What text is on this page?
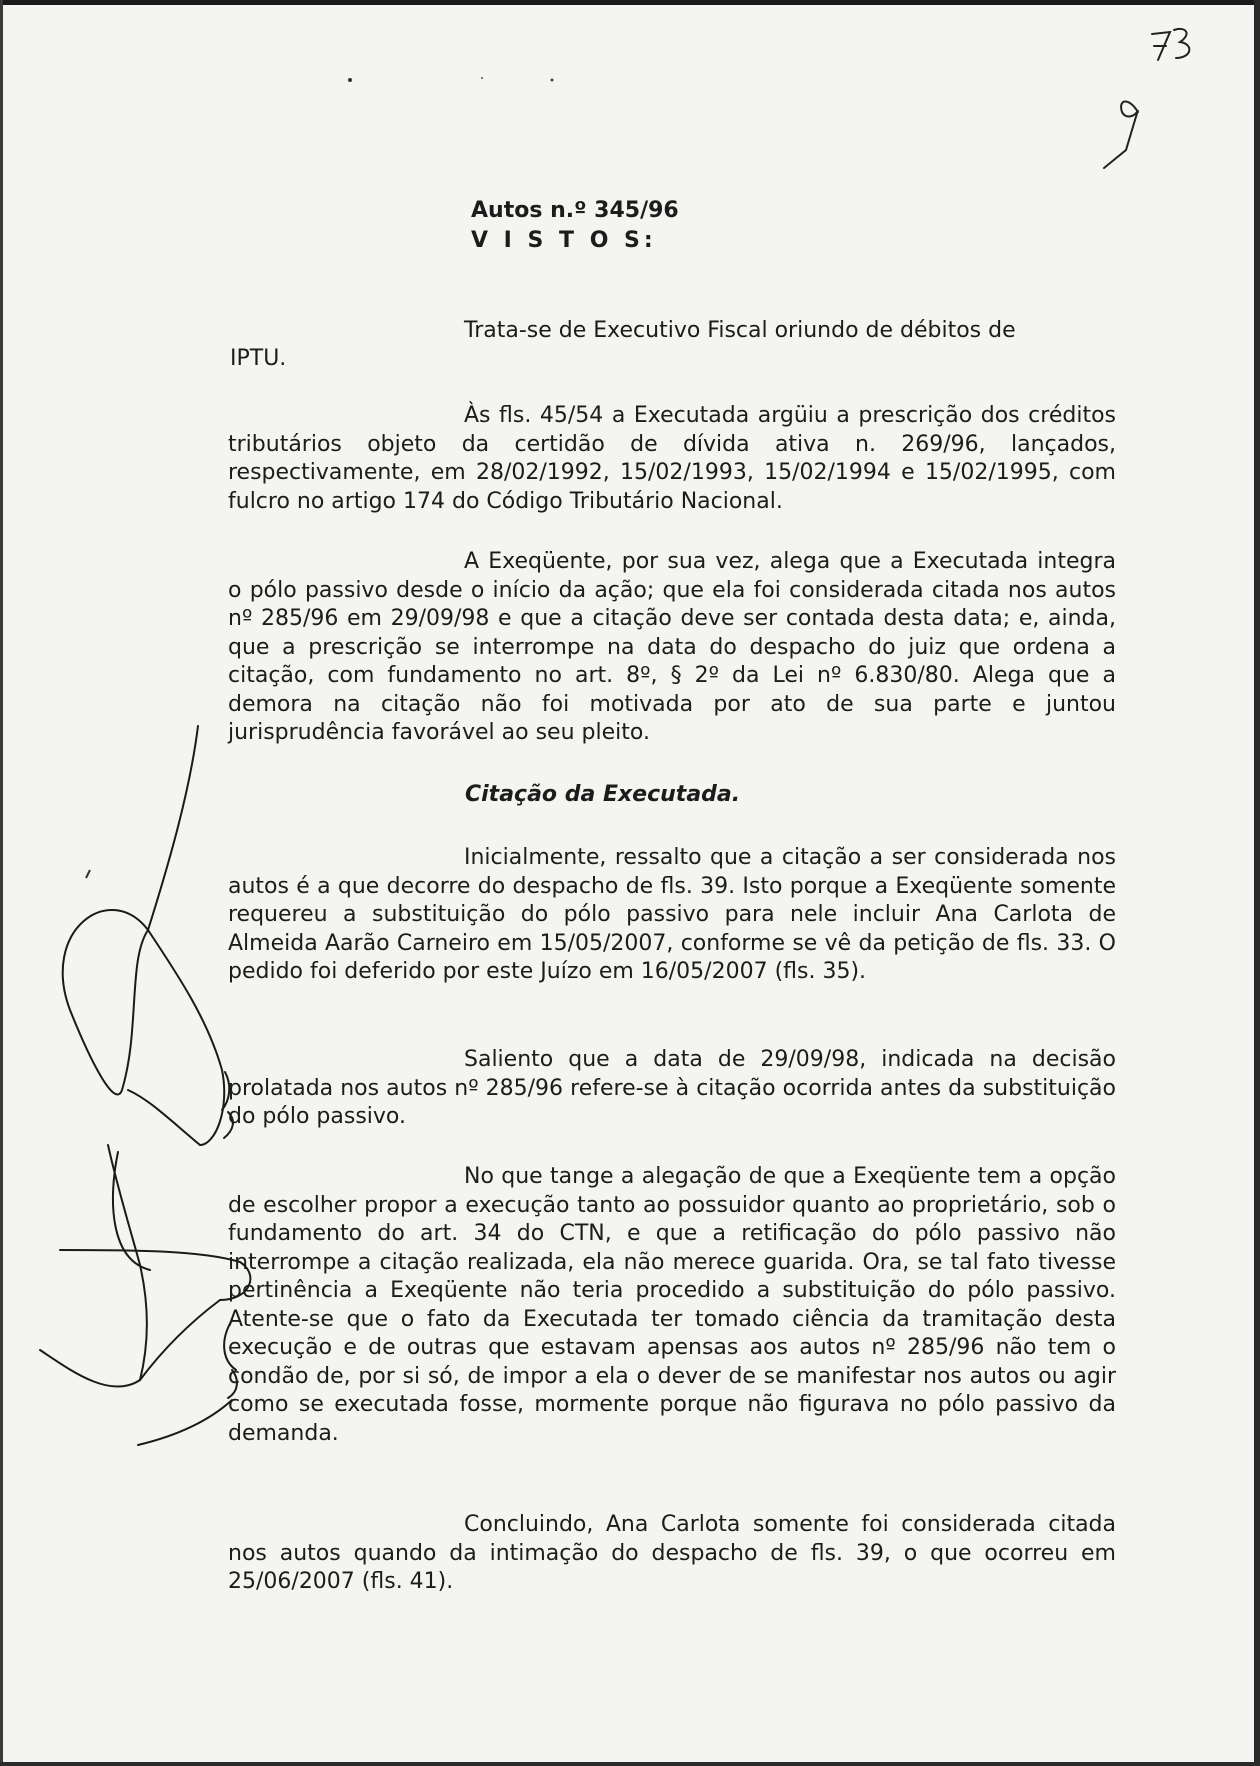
Autos n.º 345/96
V I S T O S:
Trata-se de Executivo Fiscal oriundo de débitos de
IPTU.

Às fls. 45/54 a Executada argüiu a prescrição dos créditos tributários objeto da certidão de dívida ativa n. 269/96, lançados, respectivamente, em 28/02/1992, 15/02/1993, 15/02/1994 e 15/02/1995, com fulcro no artigo 174 do Código Tributário Nacional.

A Exeqüente, por sua vez, alega que a Executada integra o pólo passivo desde o início da ação; que ela foi considerada citada nos autos nº 285/96 em 29/09/98 e que a citação deve ser contada desta data; e, ainda, que a prescrição se interrompe na data do despacho do juiz que ordena a citação, com fundamento no art. 8º, § 2º da Lei nº 6.830/80. Alega que a demora na citação não foi motivada por ato de sua parte e juntou jurisprudência favorável ao seu pleito.

Citação da Executada.

Inicialmente, ressalto que a citação a ser considerada nos autos é a que decorre do despacho de fls. 39. Isto porque a Exeqüente somente requereu a substituição do pólo passivo para nele incluir Ana Carlota de Almeida Aarão Carneiro em 15/05/2007, conforme se vê da petição de fls. 33. O pedido foi deferido por este Juízo em 16/05/2007 (fls. 35).

Saliento que a data de 29/09/98, indicada na decisão prolatada nos autos nº 285/96 refere-se à citação ocorrida antes da substituição do pólo passivo.

No que tange a alegação de que a Exeqüente tem a opção de escolher propor a execução tanto ao possuidor quanto ao proprietário, sob o fundamento do art. 34 do CTN, e que a retificação do pólo passivo não interrompe a citação realizada, ela não merece guarida. Ora, se tal fato tivesse pertinência a Exeqüente não teria procedido a substituição do pólo passivo. Atente-se que o fato da Executada ter tomado ciência da tramitação desta execução e de outras que estavam apensas aos autos nº 285/96 não tem o condão de, por si só, de impor a ela o dever de se manifestar nos autos ou agir como se executada fosse, mormente porque não figurava no pólo passivo da demanda.

Concluindo, Ana Carlota somente foi considerada citada nos autos quando da intimação do despacho de fls. 39, o que ocorreu em 25/06/2007 (fls. 41).
